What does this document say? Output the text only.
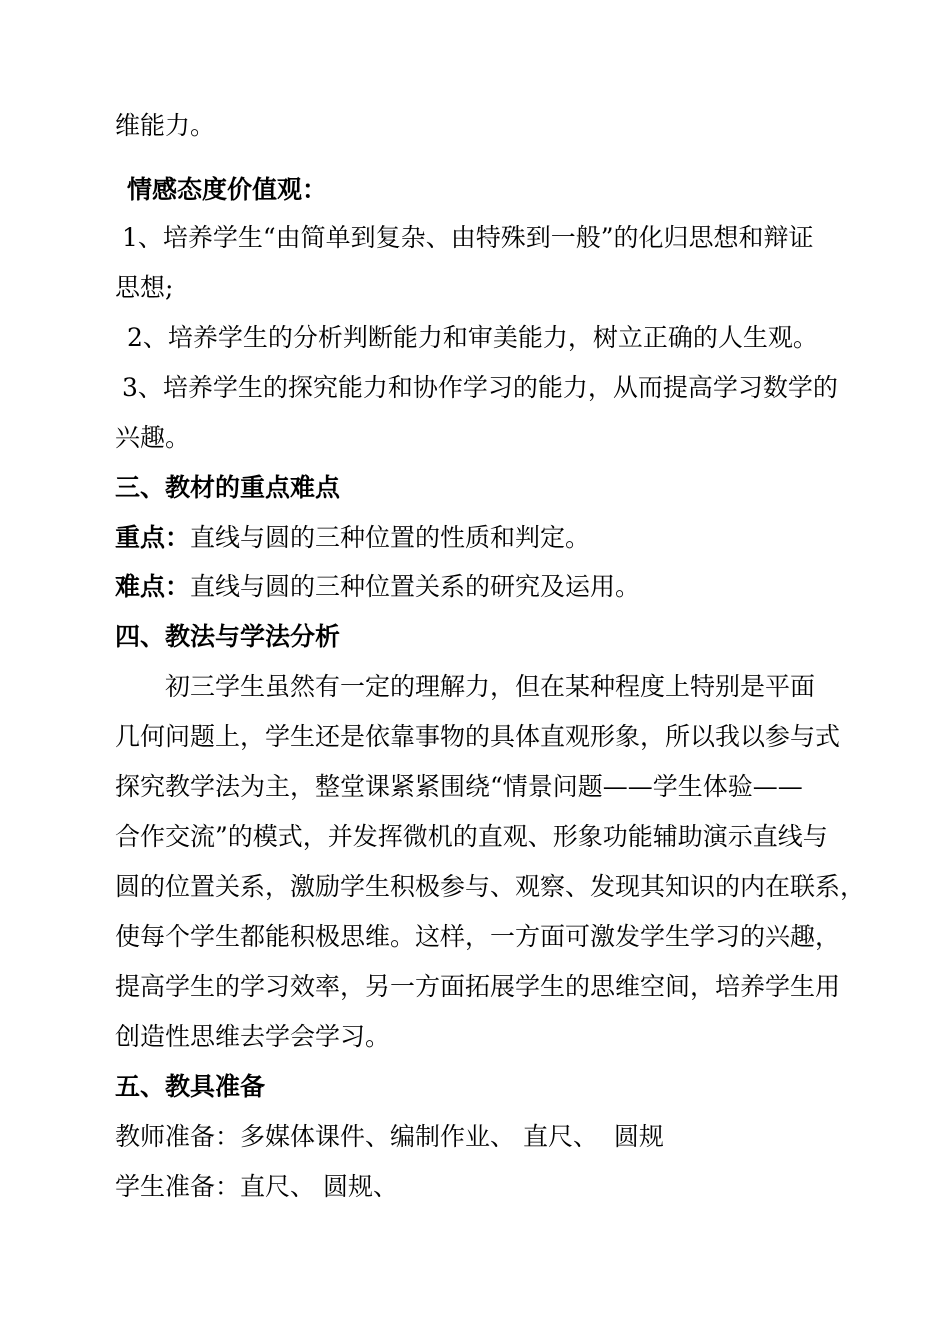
维能力。
情感态度价值观：
1、培养学生“由简单到复杂、由特殊到一般”的化归思想和辩证
思想;
2、培养学生的分析判断能力和审美能力，树立正确的人生观。
3、培养学生的探究能力和协作学习的能力，从而提高学习数学的
兴趣。
三、教材的重点难点
重点：直线与圆的三种位置的性质和判定。
难点：直线与圆的三种位置关系的研究及运用。
四、教法与学法分析
初三学生虽然有一定的理解力，但在某种程度上特别是平面
几何问题上，学生还是依靠事物的具体直观形象，所以我以参与式
探究教学法为主，整堂课紧紧围绕“情景问题——学生体验——
合作交流”的模式，并发挥微机的直观、形象功能辅助演示直线与
圆的位置关系，激励学生积极参与、观察、发现其知识的内在联系，
使每个学生都能积极思维。这样，一方面可激发学生学习的兴趣，
提高学生的学习效率，另一方面拓展学生的思维空间，培养学生用
创造性思维去学会学习。
五、教具准备
教师准备：多媒体课件、编制作业、 直尺、  圆规
学生准备：直尺、 圆规、
